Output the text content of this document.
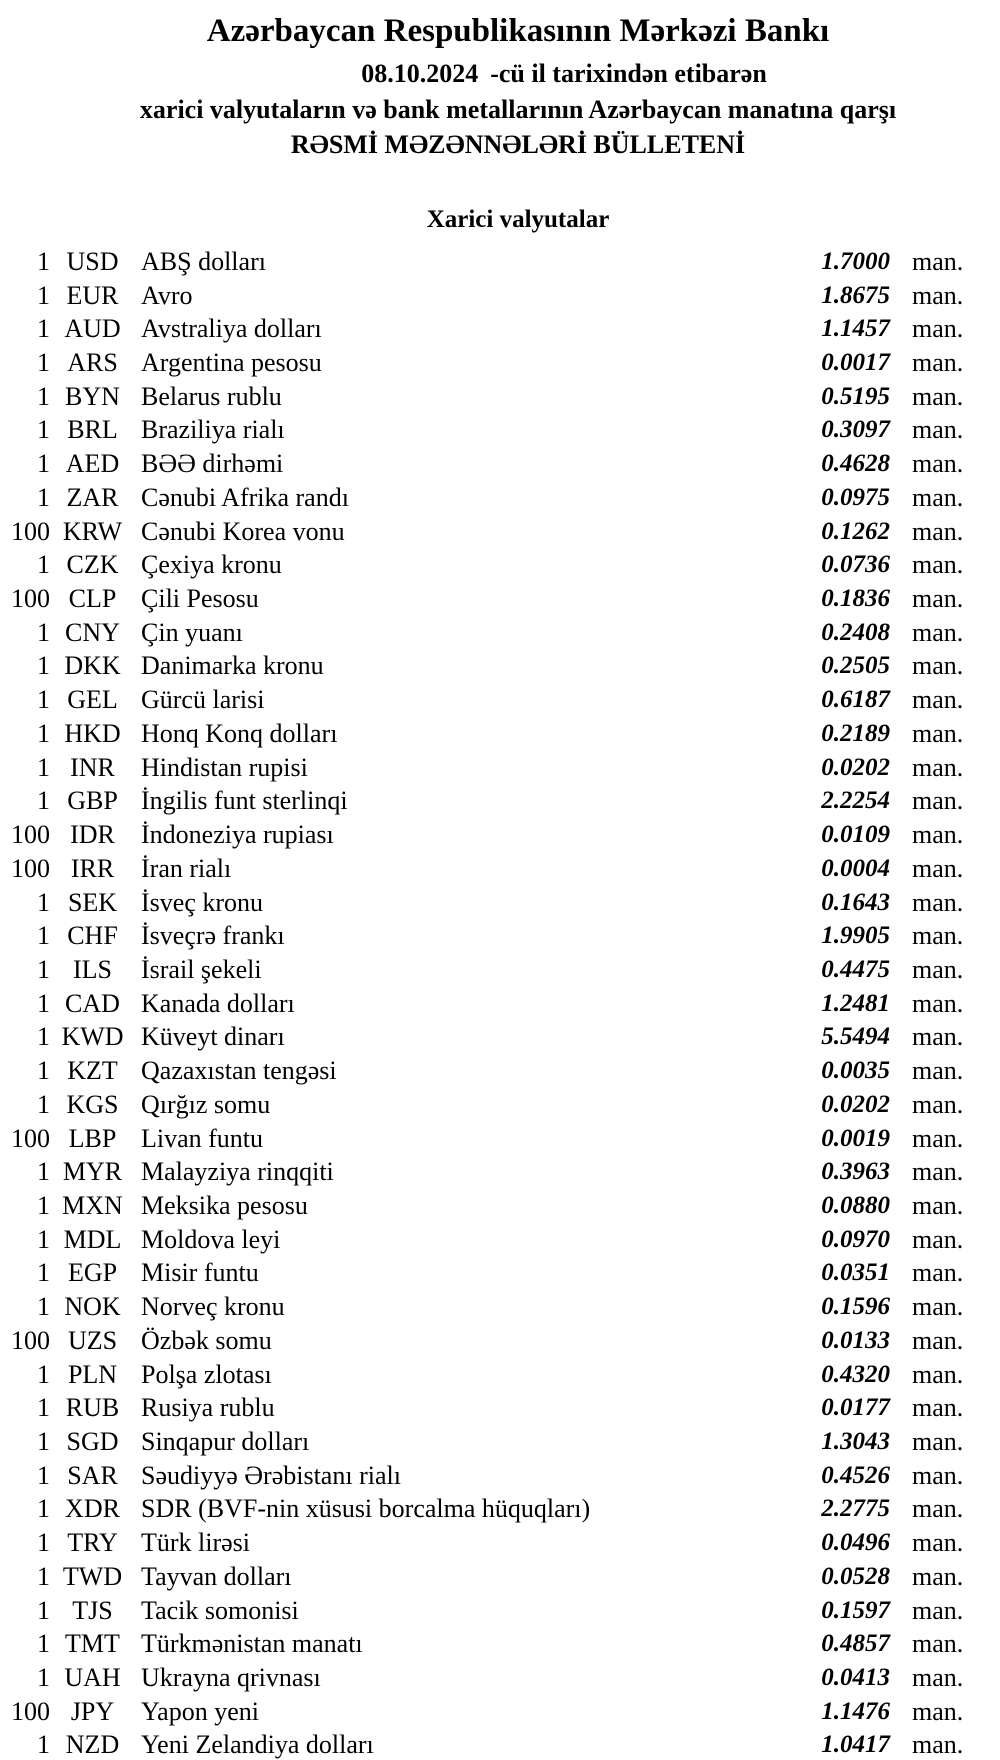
Azərbaycan Respublikasının Mərkəzi Bankı
08.10.2024 -cü il tarixindən etibarən
xarici valyutaların və bank metallarının Azərbaycan manatına qarşı
RƏSMİ MƏZƏNNƏLƏRİ BÜLLETENİ
Xarici valyutalar
1 USD ABŞ dolları	1.7000 man.
1 EUR Avro	1.8675 man.
1 AUD Avstraliya dolları	1.1457 man.
1 ARS Argentina pesosu	0.0017 man.
1 BYN Belarus rublu	0.5195 man.
1 BRL Braziliya rialı	0.3097 man.
1 AED BƏƏ dirhəmi	0.4628 man.
1 ZAR Cənubi Afrika randı	0.0975 man.
100 KRW Cənubi Korea vonu	0.1262 man.
1 CZK Çexiya kronu	0.0736 man.
100 CLP Çili Pesosu	0.1836 man.
1 CNY Çin yuanı	0.2408 man.
1 DKK Danimarka kronu	0.2505 man.
1 GEL Gürcü larisi	0.6187 man.
1 HKD Honq Konq dolları	0.2189 man.
1 INR	Hindistan rupisi	0.0202 man.
1 GBP İngilis funt sterlinqi	2.2254 man.
100 IDR	İndoneziya rupiası	0.0109 man.
100 IRR	İran rialı	0.0004 man.
1 SEK İsveç kronu	0.1643 man.
1 CHF İsveçrə frankı	1.9905 man.
1 ILS	İsrail şekeli	0.4475 man.
1 CAD Kanada dolları	1.2481 man.
1 KWD Küveyt dinarı	5.5494 man.
1 KZT Qazaxıstan tengəsi	0.0035 man.
1 KGS Qırğız somu	0.0202 man.
100 LBP Livan funtu	0.0019 man.
1 MYR Malayziya rinqqiti	0.3963 man.
1 MXN Meksika pesosu	0.0880 man.
1 MDL Moldova leyi	0.0970 man.
1 EGP Misir funtu	0.0351 man.
1 NOK Norveç kronu	0.1596 man.
100 UZS Özbək somu	0.0133 man.
1 PLN Polşa zlotası	0.4320 man.
1 RUB Rusiya rublu	0.0177 man.
1 SGD Sinqapur dolları	1.3043 man.
1 SAR Səudiyyə Ərəbistanı rialı	0.4526 man.
1 XDR SDR (BVF-nin xüsusi borcalma hüquqları)	2.2775 man.
1 TRY Türk lirəsi	0.0496 man.
1 TWD Tayvan dolları	0.0528 man.
1 TJS	Tacik somonisi	0.1597 man.
1 TMT Türkmənistan manatı	0.4857 man.
1 UAH Ukrayna qrivnası	0.0413 man.
100 JPY	Yapon yeni	1.1476 man.
1 NZD Yeni Zelandiya dolları	1.0417 man.
